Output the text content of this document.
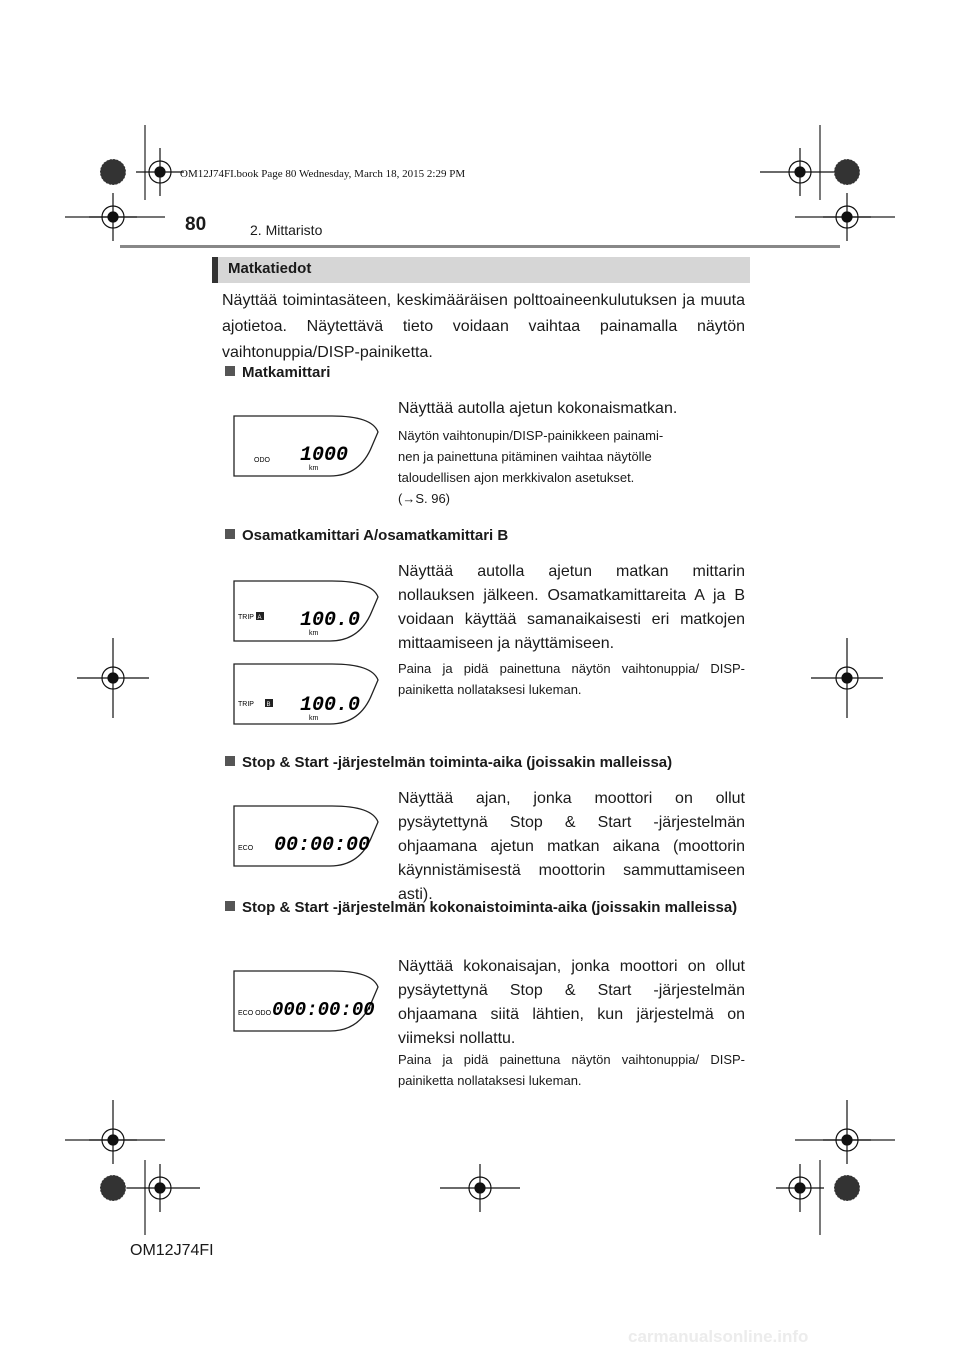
OM12J74FI.book Page 80 Wednesday, March 18, 2015 2:29 PM
80	2. Mittaristo
Matkatiedot
Näyttää toimintasäteen, keskimääräisen polttoaineenkulutuksen ja muuta ajotietoa. Näytettävä tieto voidaan vaihtaa painamalla näytön vaihtonuppia/DISP-painiketta.
Matkamittari
Näyttää autolla ajetun kokonaismatkan.
Näytön vaihtonupin/DISP-painikkeen painami-
nen ja painettuna pitäminen vaihtaa näytölle
taloudellisen ajon merkkivalon asetukset.
(→S. 96)
ODO 1000
km
Osamatkamittari A/osamatkamittari B
Näyttää autolla ajetun matkan mittarin nollauksen jälkeen. Osamatkamittareita A ja B voidaan käyttää samanaikaisesti eri matkojen mittaamiseen ja näyttämiseen.
Paina ja pidä painettuna näytön vaihtonuppia/ DISP-painiketta nollataksesi lukeman.
TRIP A 100.0
km
TRIP B 100.0
km
Stop & Start -järjestelmän toiminta-aika (joissakin malleissa)
Näyttää ajan, jonka moottori on ollut pysäytettynä Stop & Start -järjestelmän ohjaamana ajetun matkan aikana (moottorin käynnistämisestä moottorin sammuttamiseen asti).
ECO 00:00:00
Stop & Start -järjestelmän kokonaistoiminta-aika (joissakin malleissa)
Näyttää kokonaisajan, jonka moottori on ollut pysäytettynä Stop & Start -järjestelmän ohjaamana siitä lähtien, kun järjestelmä on viimeksi nollattu.
ECO ODO 000:00:00
Paina ja pidä painettuna näytön vaihtonuppia/ DISP-painiketta nollataksesi lukeman.
OM12J74FI
carmanualsonline.info
